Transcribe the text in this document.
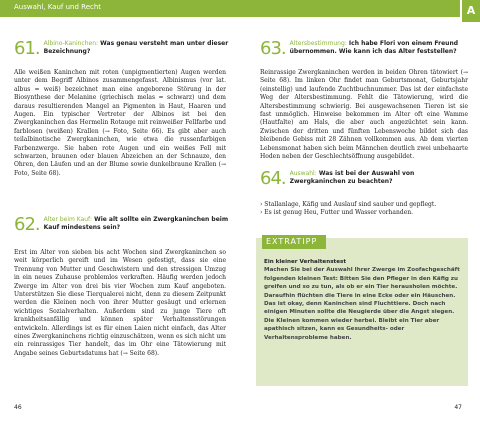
Auswahl, Kauf und Recht
61. Albino-Kaninchen: Was genau versteht man unter dieser Bezeichnung?

Alle weißen Kaninchen mit roten (unpigmentierten) Augen werden unter dem Begriff Albinos zusammengefasst. Albinismus (vor lat. albus = weiß) bezeichnet man eine angeborene Störung in der Biosynthese der Melanine (griechisch melas = schwarz) und dem daraus resultierenden Mangel an Pigmenten in Haut, Haaren und Augen. Ein typischer Vertreter der Albinos ist bei den Zwergkaninchen das Hermelin Rotauge mit reinweißer Fellfarbe und farblosen (weißen) Krallen (→ Foto, Seite 66). Es gibt aber auch teilalbinotische Zwergkaninchen, wie etwa die russenfarbigen Farbenzwerge. Sie haben rote Augen und ein weißes Fell mit schwarzen, braunen oder blauen Abzeichen an der Schnauze, den Ohren, den Läufen und an der Blume sowie dunkelbraune Krallen (→ Foto, Seite 68).

62. Alter beim Kauf: Wie alt sollte ein Zwergkaninchen beim Kauf mindestens sein?

Erst im Alter von sieben bis acht Wochen sind Zwergkaninchen so weit körperlich gereift und im Wesen gefestigt, dass sie eine Trennung von Mutter und Geschwistern und den stressigen Umzug in ein neues Zuhause problemlos verkraften. Häufig werden jedoch Zwerge im Alter von drei bis vier Wochen zum Kauf angeboten. Unterstützen Sie diese Tierqualerei nicht, denn zu diesem Zeitpunkt werden die Kleinen noch von ihrer Mutter gesäugt und erlernen wichtiges Sozialverhalten. Außerdem sind zu junge Tiere oft krankheitsanfällig und können später Verhaltensstörungen entwickeln. Allerdings ist es für einen Laien nicht einfach, das Alter eines Zwergkaninchens richtig einzuschätzen, wenn es sich nicht um ein reinrassiges Tier handelt, das im Ohr eine Tätowierung mit Angabe seines Geburtsdatums hat (→ Seite 68).

46
A
63. Altersbestimmung: Ich habe Flori von einem Freund übernommen. Wie kann ich das Alter feststellen?

Reinrassige Zwergkaninchen werden in beiden Ohren tätowiert (→ Seite 68). Im linken Ohr findet man Geburtsmonat, Geburtsjahr (einstellig) und laufende Zuchtbuchnummer. Das ist der einfachste Weg der Altersbestimmung. Fehlt die Tätowierung, wird die Altersbestimmung schwierig. Bei ausgewachsenen Tieren ist sie fast unmöglich. Hinweise bekommen im Alter oft eine Wamme (Hautfalte) am Hals, die aber auch angezüchtet sein kann. Zwischen der dritten und fünften Lebenswoche bildet sich das bleibende Gebiss mit 28 Zähnen vollkommen aus. Ab dem vierten Lebensmonat haben sich beim Männchen deutlich zwei unbehaarte Hoden neben der Geschlechtsöffnung ausgebildet.

64. Auswahl: Was ist bei der Auswahl von Zwergkaninchen zu beachten?
› Stallanlage, Käfig und Auslauf sind sauber und gepflegt.
› Es ist genug Heu, Futter und Wasser vorhanden.
47
EXTRATIPP
Ein kleiner Verhaltenstest
Machen Sie bei der Auswahl Ihrer Zwerge im Zoofachgeschäft folgenden kleinen Test: Bitten Sie den Pfleger in den Käfig zu greifen und so zu tun, als ob er ein Tier herausholen möchte. Daraufhin flüchten die Tiere in eine Ecke oder ein Häuschen. Das ist okay, denn Kaninchen sind Fluchttiere. Doch nach einigen Minuten sollte die Neugierde über die Angst siegen. Die Kleinen kommen wieder herbei. Bleibt ein Tier aber apathisch sitzen, kann es Gesundheits- oder Verhaltensprobleme haben.
